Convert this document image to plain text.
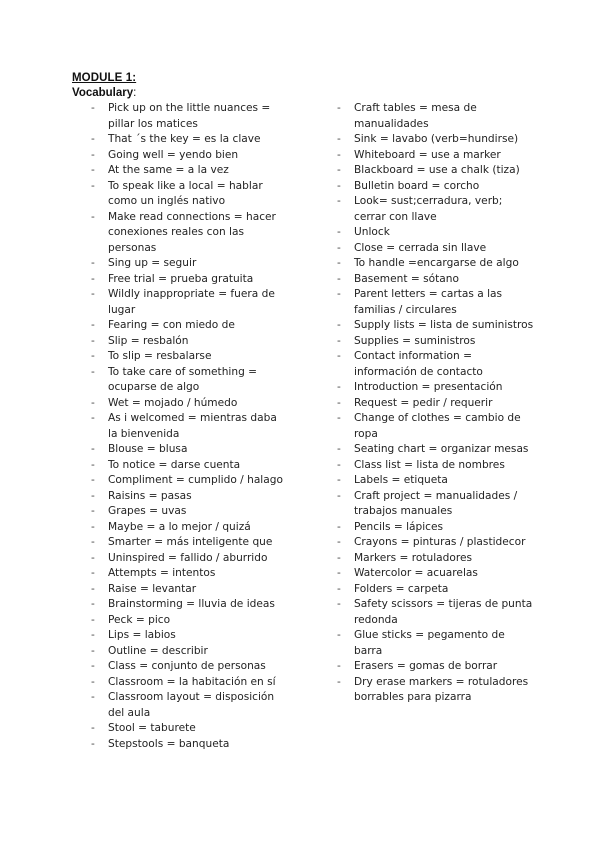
MODULE 1:
Vocabulary:
- Pick up on the little nuances = pillar los matices
- That ´s the key = es la clave
- Going well = yendo bien
- At the same = a la vez
- To speak like a local = hablar como un inglés nativo
- Make read connections = hacer conexiones reales con las personas
- Sing up = seguir
- Free trial = prueba gratuita
- Wildly inappropriate = fuera de lugar
- Fearing = con miedo de
- Slip = resbalón
- To slip = resbalarse
- To take care of something = ocuparse de algo
- Wet = mojado / húmedo
- As i welcomed = mientras daba la bienvenida
- Blouse = blusa
- To notice = darse cuenta
- Compliment = cumplido / halago
- Raisins = pasas
- Grapes = uvas
- Maybe = a lo mejor / quizá
- Smarter = más inteligente que
- Uninspired = fallido / aburrido
- Attempts = intentos
- Raise = levantar
- Brainstorming = lluvia de ideas
- Peck = pico
- Lips = labios
- Outline = describir
- Class = conjunto de personas
- Classroom = la habitación en sí
- Classroom layout = disposición del aula
- Stool = taburete
- Stepstools = banqueta
- Craft tables = mesa de manualidades
- Sink = lavabo (verb=hundirse)
- Whiteboard = use a marker
- Blackboard = use a chalk (tiza)
- Bulletin board = corcho
- Look= sust;cerradura, verb; cerrar con llave
- Unlock
- Close = cerrada sin llave
- To handle =encargarse de algo
- Basement = sótano
- Parent letters = cartas a las familias / circulares
- Supply lists = lista de suministros
- Supplies = suministros
- Contact information = información de contacto
- Introduction = presentación
- Request = pedir / requerir
- Change of clothes = cambio de ropa
- Seating chart = organizar mesas
- Class list = lista de nombres
- Labels = etiqueta
- Craft project = manualidades / trabajos manuales
- Pencils = lápices
- Crayons = pinturas / plastidecor
- Markers = rotuladores
- Watercolor = acuarelas
- Folders = carpeta
- Safety scissors = tijeras de punta redonda
- Glue sticks = pegamento de barra
- Erasers = gomas de borrar
- Dry erase markers = rotuladores borrables para pizarra
